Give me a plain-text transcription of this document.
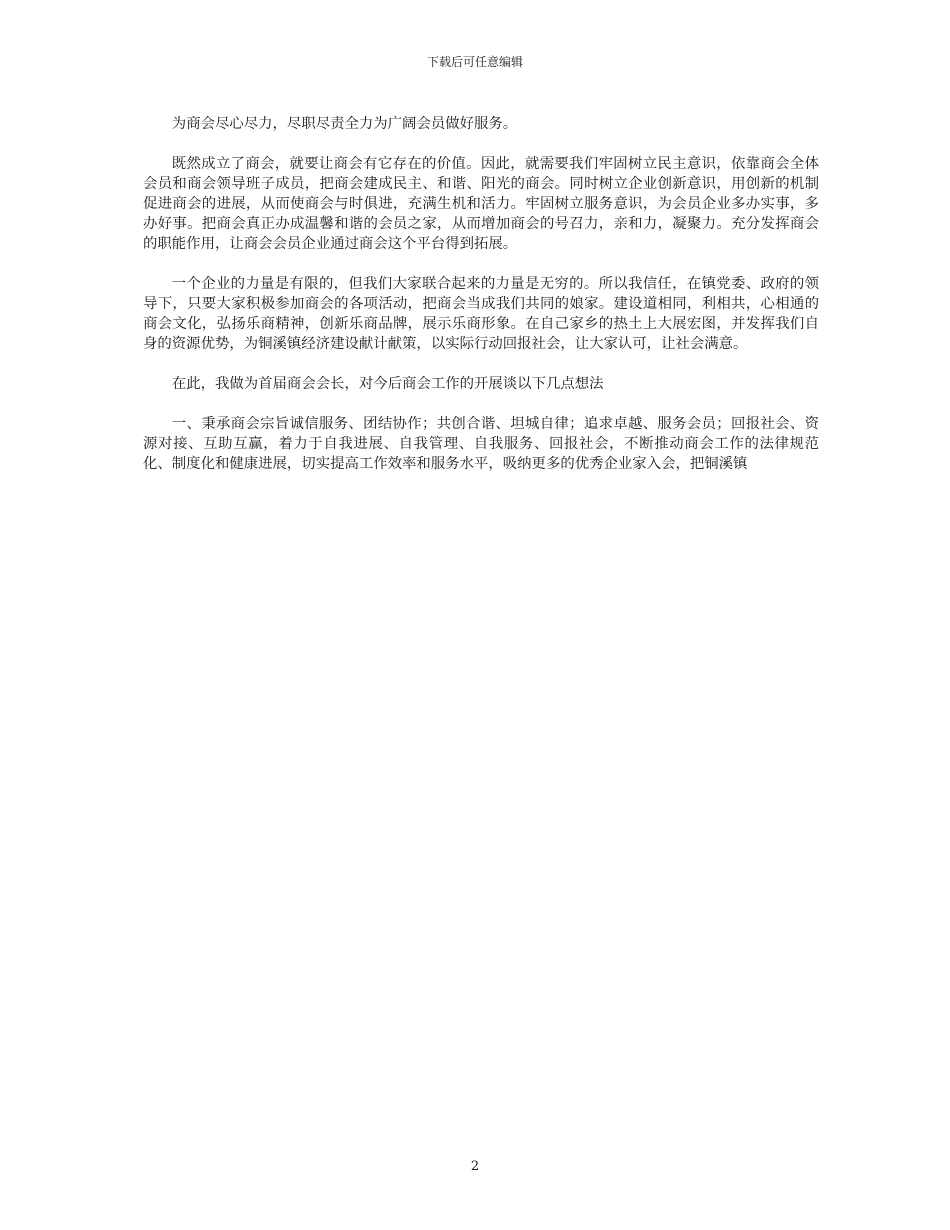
下载后可任意编辑

为商会尽心尽力，尽职尽责全力为广阔会员做好服务。

既然成立了商会，就要让商会有它存在的价值。因此，就需要我们牢固树立民主意识，依靠商会全体会员和商会领导班子成员，把商会建成民主、和谐、阳光的商会。同时树立企业创新意识，用创新的机制促进商会的进展，从而使商会与时俱进，充满生机和活力。牢固树立服务意识，为会员企业多办实事，多办好事。把商会真正办成温馨和谐的会员之家，从而增加商会的号召力，亲和力，凝聚力。充分发挥商会的职能作用，让商会会员企业通过商会这个平台得到拓展。

一个企业的力量是有限的，但我们大家联合起来的力量是无穷的。所以我信任，在镇党委、政府的领导下，只要大家积极参加商会的各项活动，把商会当成我们共同的娘家。建设道相同，利相共，心相通的商会文化，弘扬乐商精神，创新乐商品牌，展示乐商形象。在自己家乡的热土上大展宏图，并发挥我们自身的资源优势，为铜溪镇经济建设献计献策，以实际行动回报社会，让大家认可，让社会满意。

在此，我做为首届商会会长，对今后商会工作的开展谈以下几点想法

一、秉承商会宗旨诚信服务、团结协作；共创合谐、坦城自律；追求卓越、服务会员；回报社会、资源对接、互助互赢，着力于自我进展、自我管理、自我服务、回报社会，不断推动商会工作的法律规范化、制度化和健康进展，切实提高工作效率和服务水平，吸纳更多的优秀企业家入会，把铜溪镇

2
